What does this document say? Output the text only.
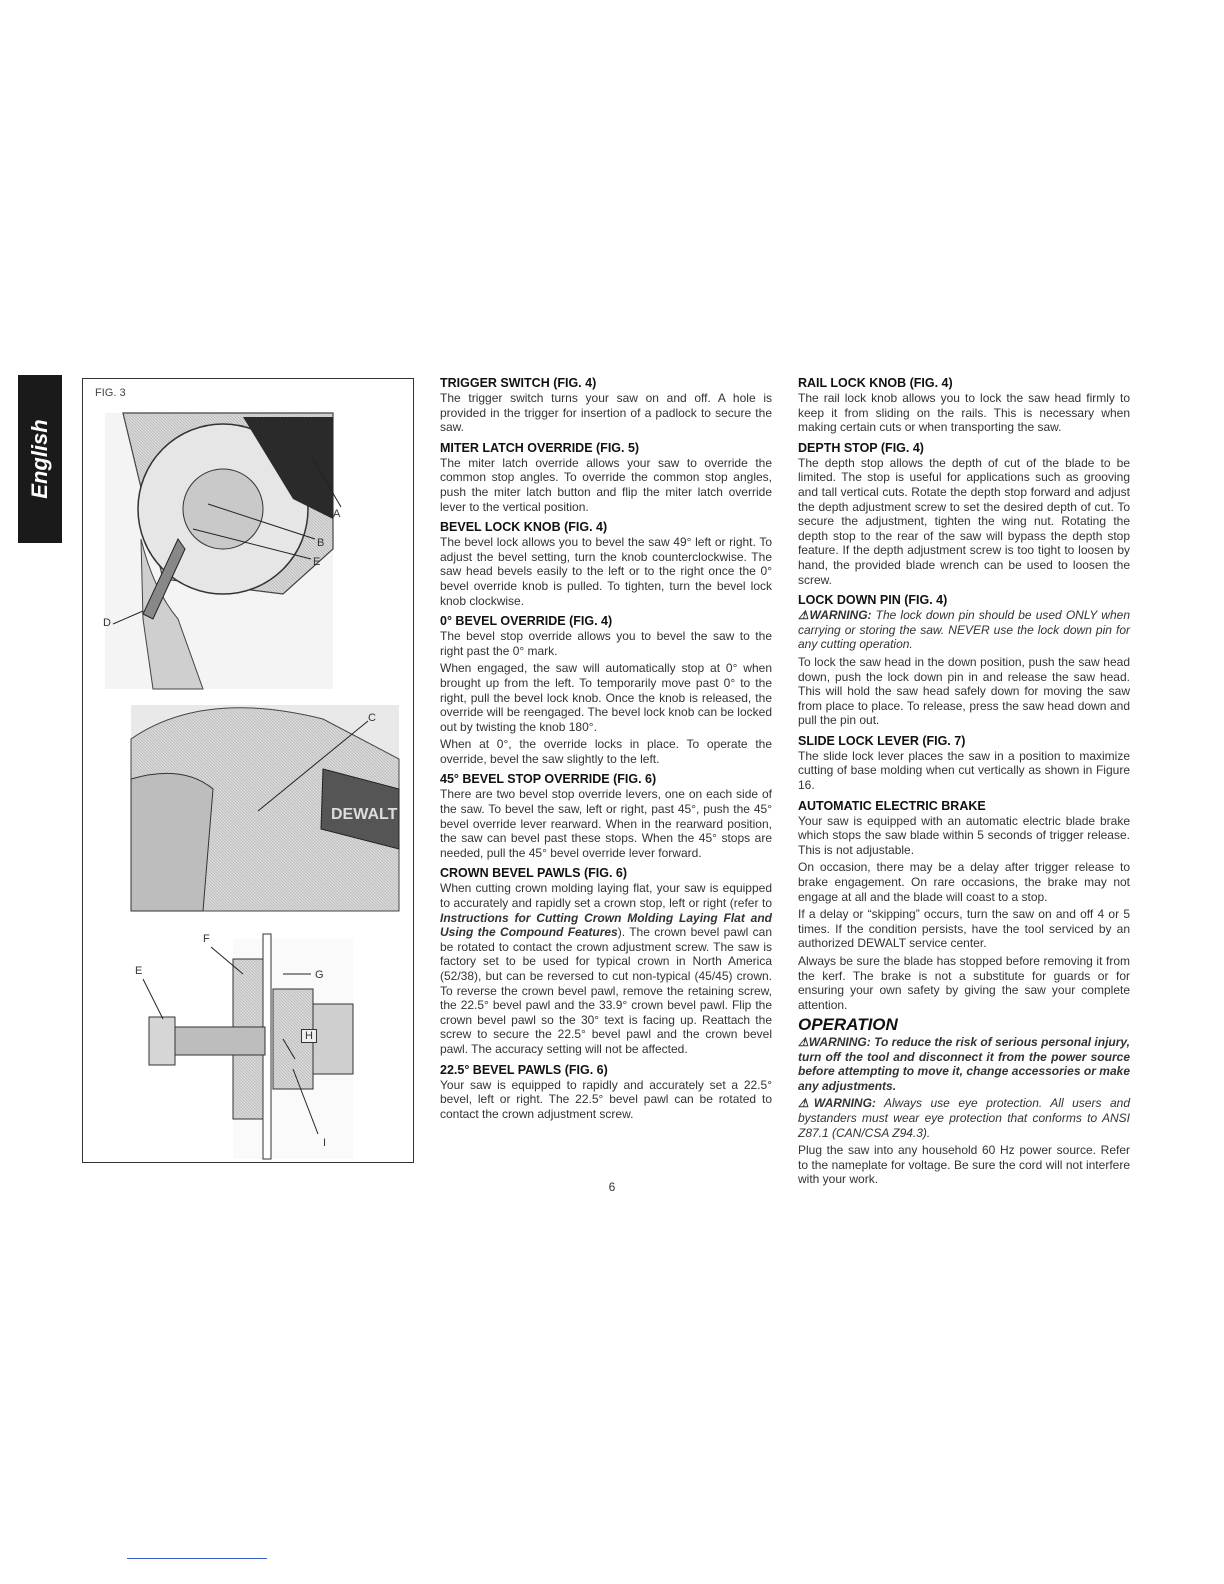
English
FIG. 3
DEWALT
A
B
E
D
C
F
E	G
H
I
TRIGGER SWITCH (FIG. 4)

The trigger switch turns your saw on and off. A hole is provided in the trigger for insertion of a padlock to secure the saw.

MITER LATCH OVERRIDE (FIG. 5)

The miter latch override allows your saw to override the common stop angles. To override the common stop angles, push the miter latch button and flip the miter latch override lever to the vertical position.

BEVEL LOCK KNOB (FIG. 4)

The bevel lock allows you to bevel the saw 49° left or right. To adjust the bevel setting, turn the knob counterclockwise. The saw head bevels easily to the left or to the right once the 0° bevel override knob is pulled. To tighten, turn the bevel lock knob clockwise.

0° BEVEL OVERRIDE (FIG. 4)

The bevel stop override allows you to bevel the saw to the right past the 0° mark.

When engaged, the saw will automatically stop at 0° when brought up from the left. To temporarily move past 0° to the right, pull the bevel lock knob. Once the knob is released, the override will be reengaged. The bevel lock knob can be locked out by twisting the knob 180°.

When at 0°, the override locks in place. To operate the override, bevel the saw slightly to the left.

45° BEVEL STOP OVERRIDE (FIG. 6)

There are two bevel stop override levers, one on each side of the saw. To bevel the saw, left or right, past 45°, push the 45° bevel override lever rearward. When in the rearward position, the saw can bevel past these stops. When the 45° stops are needed, pull the 45° bevel override lever forward.

CROWN BEVEL PAWLS (FIG. 6)

When cutting crown molding laying flat, your saw is equipped to accurately and rapidly set a crown stop, left or right (refer to Instructions for Cutting Crown Molding Laying Flat and Using the Compound Features). The crown bevel pawl can be rotated to contact the crown adjustment screw. The saw is factory set to be used for typical crown in North America (52/38), but can be reversed to cut non-typical (45/45) crown. To reverse the crown bevel pawl, remove the retaining screw, the 22.5° bevel pawl and the 33.9° crown bevel pawl. Flip the crown bevel pawl so the 30° text is facing up. Reattach the screw to secure the 22.5° bevel pawl and the crown bevel pawl. The accuracy setting will not be affected.

22.5° BEVEL PAWLS (FIG. 6)

Your saw is equipped to rapidly and accurately set a 22.5° bevel, left or right. The 22.5° bevel pawl can be rotated to contact the crown adjustment screw.

RAIL LOCK KNOB (FIG. 4)

The rail lock knob allows you to lock the saw head firmly to keep it from sliding on the rails. This is necessary when making certain cuts or when transporting the saw.

DEPTH STOP (FIG. 4)

The depth stop allows the depth of cut of the blade to be limited. The stop is useful for applications such as grooving and tall vertical cuts. Rotate the depth stop forward and adjust the depth adjustment screw to set the desired depth of cut. To secure the adjustment, tighten the wing nut. Rotating the depth stop to the rear of the saw will bypass the depth stop feature. If the depth adjustment screw is too tight to loosen by hand, the provided blade wrench can be used to loosen the screw.

LOCK DOWN PIN (FIG. 4)

⚠WARNING: The lock down pin should be used ONLY when carrying or storing the saw. NEVER use the lock down pin for any cutting operation.

To lock the saw head in the down position, push the saw head down, push the lock down pin in and release the saw head. This will hold the saw head safely down for moving the saw from place to place. To release, press the saw head down and pull the pin out.

SLIDE LOCK LEVER (FIG. 7)

The slide lock lever places the saw in a position to maximize cutting of base molding when cut vertically as shown in Figure 16.

AUTOMATIC ELECTRIC BRAKE

Your saw is equipped with an automatic electric blade brake which stops the saw blade within 5 seconds of trigger release. This is not adjustable.

On occasion, there may be a delay after trigger release to brake engagement. On rare occasions, the brake may not engage at all and the blade will coast to a stop.

If a delay or “skipping” occurs, turn the saw on and off 4 or 5 times. If the condition persists, have the tool serviced by an authorized DEWALT service center.

Always be sure the blade has stopped before removing it from the kerf. The brake is not a substitute for guards or for ensuring your own safety by giving the saw your complete attention.

OPERATION

⚠WARNING: To reduce the risk of serious personal injury, turn off the tool and disconnect it from the power source before attempting to move it, change accessories or make any adjustments.

⚠WARNING: Always use eye protection. All users and bystanders must wear eye protection that conforms to ANSI Z87.1 (CAN/CSA Z94.3).

Plug the saw into any household 60 Hz power source. Refer to the nameplate for voltage. Be sure the cord will not interfere with your work.

6
